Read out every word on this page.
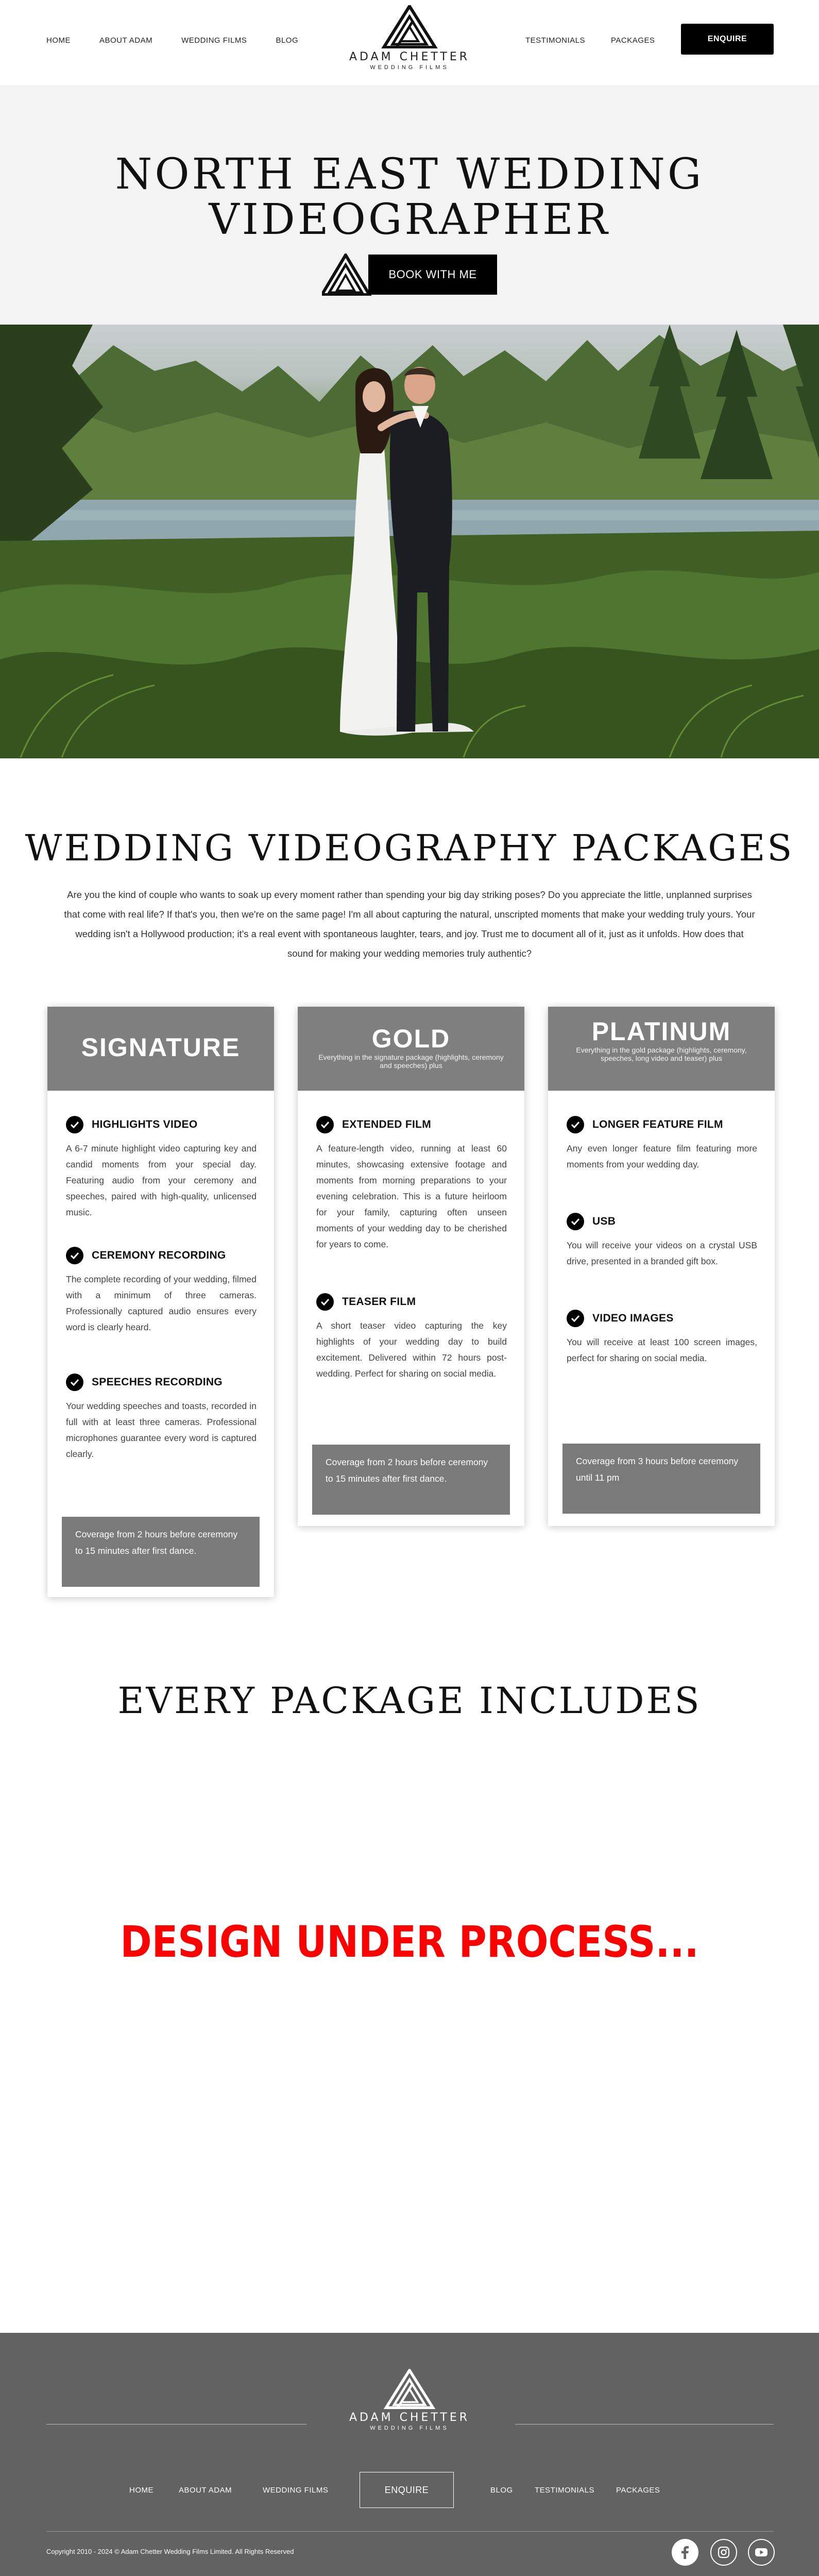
HOME	ABOUT ADAM	WEDDING FILMS	BLOG
ADAM CHETTER
WEDDING FILMS
TESTIMONIALS	PACKAGES	ENQUIRE
NORTH EAST WEDDING
VIDEOGRAPHER
BOOK WITH ME
WEDDING VIDEOGRAPHY PACKAGES

Are you the kind of couple who wants to soak up every moment rather than spending your big day striking poses? Do you appreciate the little, unplanned surprises that come with real life? If that's you, then we're on the same page! I'm all about capturing the natural, unscripted moments that make your wedding truly yours. Your wedding isn't a Hollywood production; it's a real event with spontaneous laughter, tears, and joy. Trust me to document all of it, just as it unfolds. How does that sound for making your wedding memories truly authentic?

SIGNATURE
HIGHLIGHTS VIDEO

A 6-7 minute highlight video capturing key and candid moments from your special day. Featuring audio from your ceremony and speeches, paired with high-quality, unlicensed music.

CEREMONY RECORDING

The complete recording of your wedding, filmed with a minimum of three cameras. Professionally captured audio ensures every word is clearly heard.

SPEECHES RECORDING

Your wedding speeches and toasts, recorded in full with at least three cameras. Professional microphones guarantee every word is captured clearly.

Coverage from 2 hours before ceremony to 15 minutes after first dance.
GOLD
Everything in the signature package (highlights, ceremony and speeches) plus
EXTENDED FILM

A feature-length video, running at least 60 minutes, showcasing extensive footage and moments from morning preparations to your evening celebration. This is a future heirloom for your family, capturing often unseen moments of your wedding day to be cherished for years to come.

TEASER FILM

A short teaser video capturing the key highlights of your wedding day to build excitement. Delivered within 72 hours post-wedding. Perfect for sharing on social media.

Coverage from 2 hours before ceremony to 15 minutes after first dance.
PLATINUM
Everything in the gold package (highlights, ceremony, speeches, long video and teaser) plus
LONGER FEATURE FILM

Any even longer feature film featuring more moments from your wedding day.

USB

You will receive your videos on a crystal USB drive, presented in a branded gift box.

VIDEO IMAGES

You will receive at least 100 screen images, perfect for sharing on social media.

Coverage from 3 hours before ceremony until 11 pm
EVERY PACKAGE INCLUDES
DESIGN UNDER PROCESS...
ADAM CHETTER
WEDDING FILMS
HOME	ABOUT ADAM	WEDDING FILMS	ENQUIRE	BLOG	TESTIMONIALS	PACKAGES
Copyright 2010 - 2024 © Adam Chetter Wedding Films Limited. All Rights Reserved
